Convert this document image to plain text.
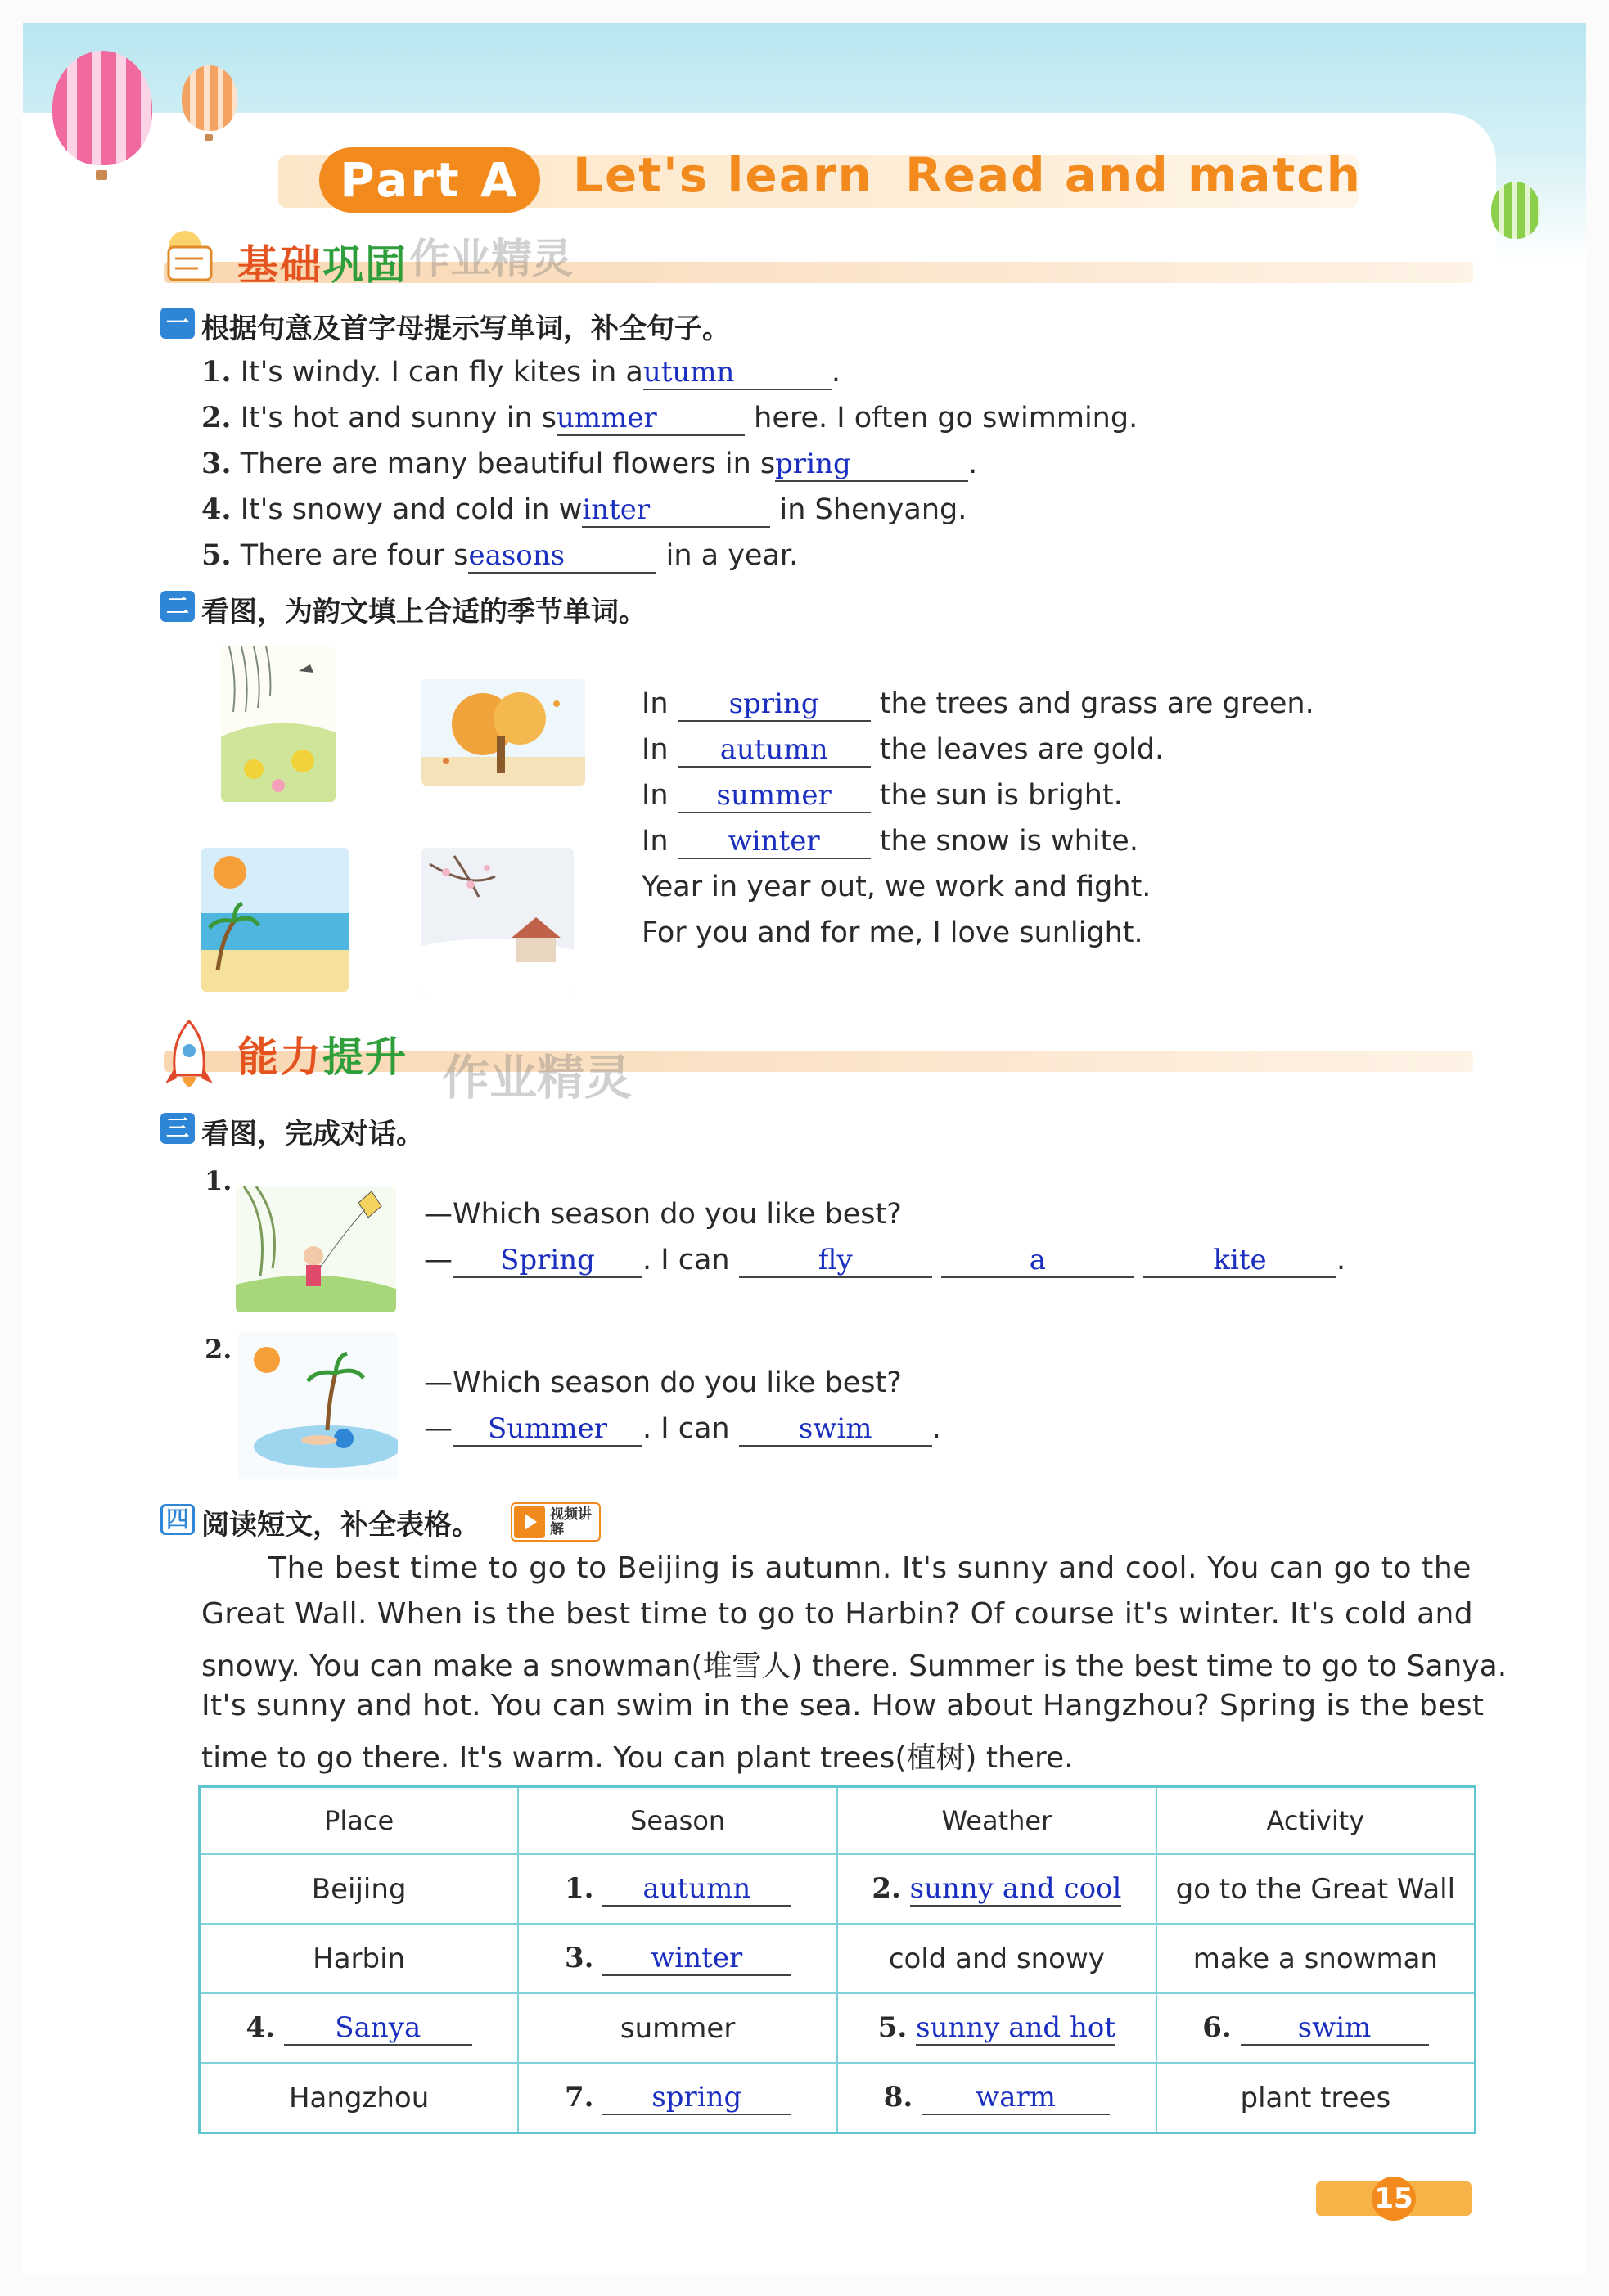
Part A	Let's learn Read and match
基础巩固 作业精灵
一 根据句意及首字母提示写单词，补全句子。
1. It's windy. I can fly kites in autumn	.
2. It's hot and sunny in summer	here. I often go swimming.
3. There are many beautiful flowers in spring	.
4. It's snowy and cold in winter	in Shenyang.
5. There are four seasons	in a year.
二 看图，为韵文填上合适的季节单词。
In spring the trees and grass are green.
In autumn the leaves are gold.
In summer the sun is bright.
In winter the snow is white.
Year in year out, we work and fight.
For you and for me, I love sunlight.
能力提升 作业精灵
三 看图，完成对话。
1.
—Which season do you like best?
— Spring . I can	fly	a	kite .
2.
—Which season do you like best?
— Summer . I can swim .
四 阅读短文，补全表格。	视频讲解
The best time to go to Beijing is autumn. It's sunny and cool. You can go to the
Great Wall. When is the best time to go to Harbin? Of course it's winter. It's cold and
snowy. You can make a snowman(堆雪人) there. Summer is the best time to go to Sanya.
It's sunny and hot. You can swim in the sea. How about Hangzhou? Spring is the best
time to go there. It's warm. You can plant trees(植树) there.
Place	Season	Weather	Activity
Beijing	1. autumn	2. sunny and cool	go to the Great Wall
Harbin	3. winter	cold and snowy	make a snowman
4. Sanya	summer	5. sunny and hot	6. swim
Hangzhou	7. spring	8. warm	plant trees
15
